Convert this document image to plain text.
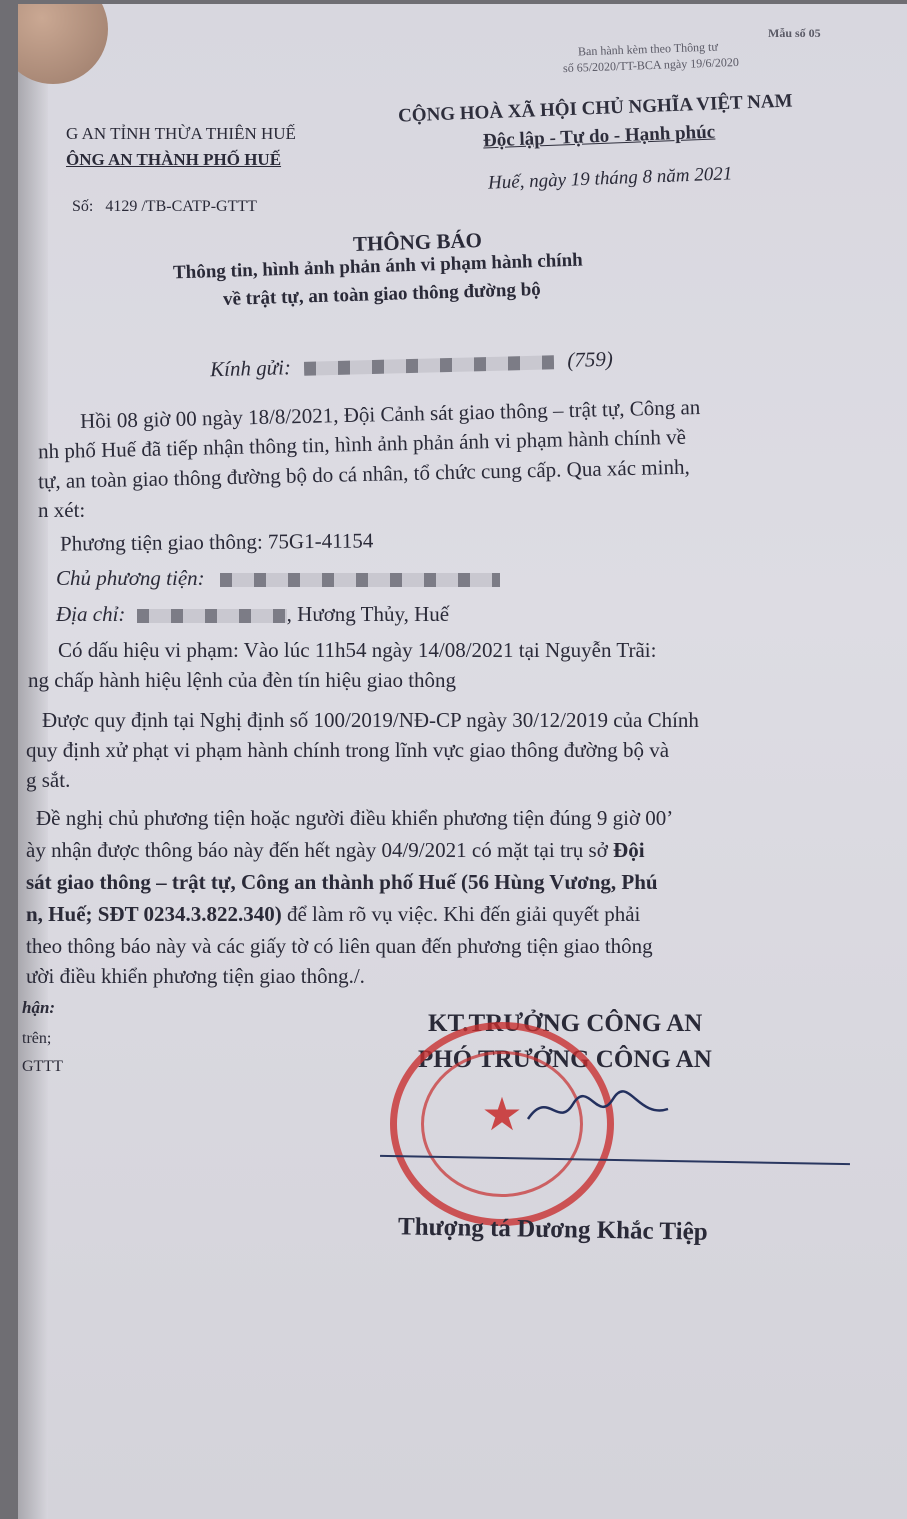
Mẫu số 05
Ban hành kèm theo Thông tư
số 65/2020/TT-BCA ngày 19/6/2020
G AN TỈNH THỪA THIÊN HUẾ
ÔNG AN THÀNH PHỐ HUẾ
Số: 4129 /TB-CATP-GTTT
CỘNG HOÀ XÃ HỘI CHỦ NGHĨA VIỆT NAM
Độc lập - Tự do - Hạnh phúc
Huế, ngày 19 tháng 8 năm 2021
THÔNG BÁO
Thông tin, hình ảnh phản ánh vi phạm hành chính
về trật tự, an toàn giao thông đường bộ
Kính gửi:	(759)
Hồi 08 giờ 00 ngày 18/8/2021, Đội Cảnh sát giao thông – trật tự, Công an
nh phố Huế đã tiếp nhận thông tin, hình ảnh phản ánh vi phạm hành chính về
tự, an toàn giao thông đường bộ do cá nhân, tổ chức cung cấp. Qua xác minh,
n xét:
Phương tiện giao thông: 75G1-41154
Chủ phương tiện:
Địa chỉ:	, Hương Thủy, Huế
Có dấu hiệu vi phạm: Vào lúc 11h54 ngày 14/08/2021 tại Nguyễn Trãi:
ng chấp hành hiệu lệnh của đèn tín hiệu giao thông
Được quy định tại Nghị định số 100/2019/NĐ-CP ngày 30/12/2019 của Chính
quy định xử phạt vi phạm hành chính trong lĩnh vực giao thông đường bộ và
g sắt.
Đề nghị chủ phương tiện hoặc người điều khiển phương tiện đúng 9 giờ 00’
ày nhận được thông báo này đến hết ngày 04/9/2021 có mặt tại trụ sở Đội
sát giao thông – trật tự, Công an thành phố Huế (56 Hùng Vương, Phú
n, Huế; SĐT 0234.3.822.340) để làm rõ vụ việc. Khi đến giải quyết phải
theo thông báo này và các giấy tờ có liên quan đến phương tiện giao thông
ười điều khiển phương tiện giao thông./.
hận:
trên;
GTTT
KT.TRƯỞNG CÔNG AN
PHÓ TRƯỞNG CÔNG AN
★
Thượng tá Dương Khắc Tiệp
